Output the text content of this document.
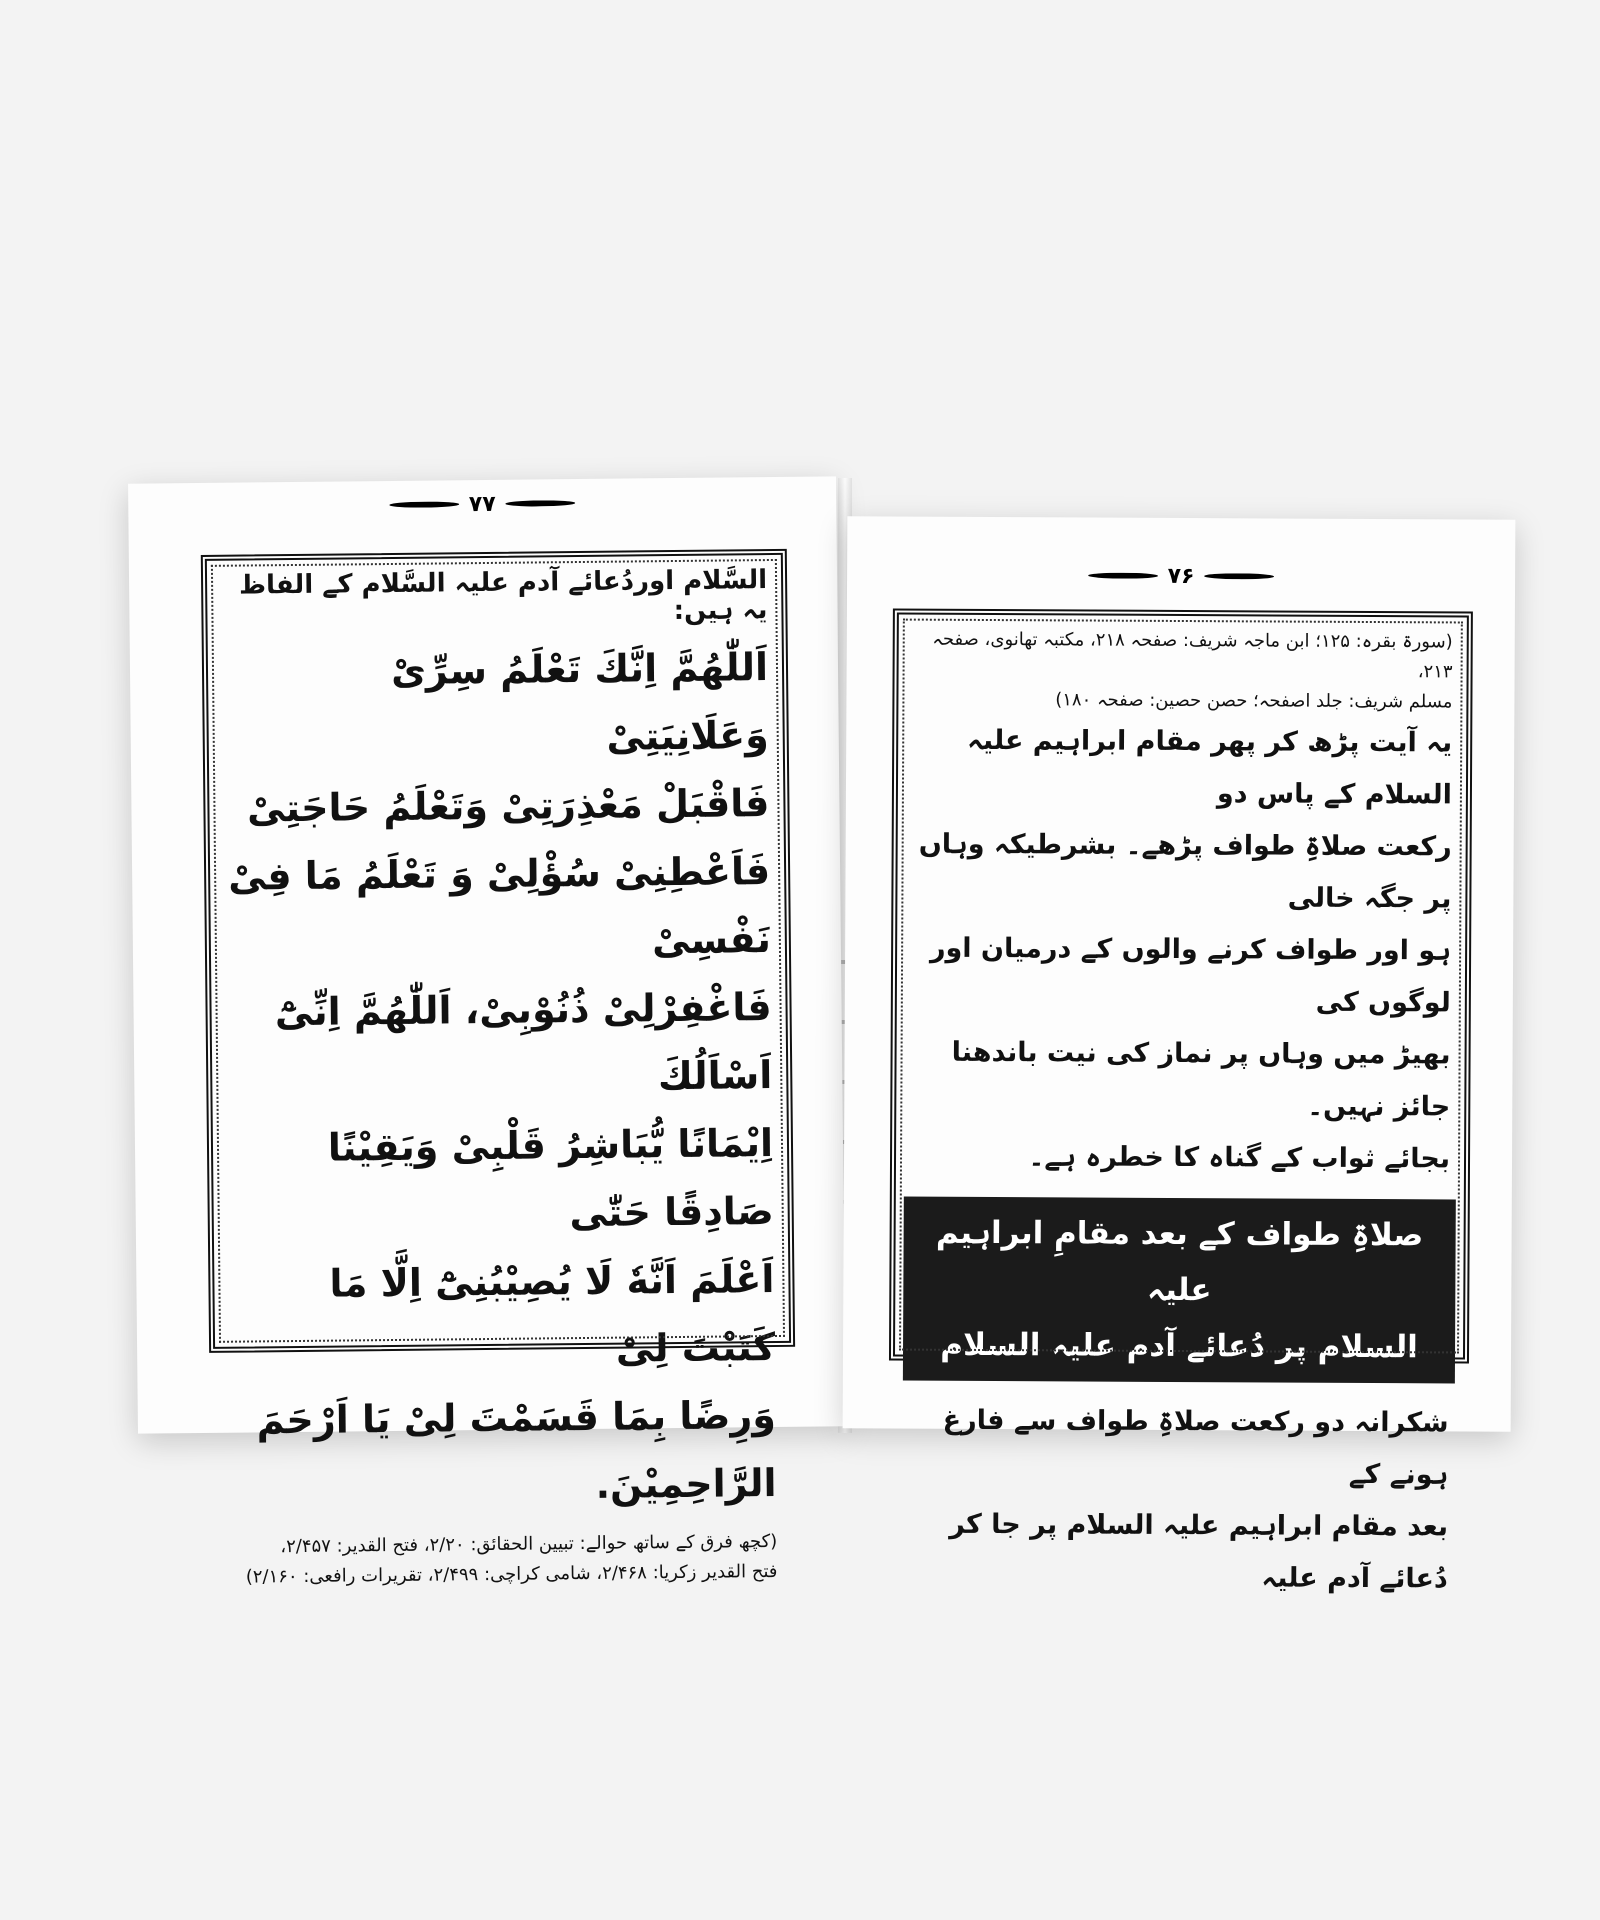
۷۷
السَّلام اوردُعائے آدم علیہ السَّلام کے الفاظ یہ ہیں:

اَللّٰھُمَّ اِنَّكَ تَعْلَمُ سِرِّیْ وَعَلَانِیَتِیْ

فَاقْبَلْ مَعْذِرَتِیْ وَتَعْلَمُ حَاجَتِیْ

فَاَعْطِنِیْ سُؤْلِیْ وَ تَعْلَمُ مَا فِیْ نَفْسِیْ

فَاغْفِرْلِیْ ذُنُوْبِیْ، اَللّٰھُمَّ اِنِّیْٓ اَسْاَلُكَ

اِیْمَانًا یُّبَاشِرُ قَلْبِیْ وَیَقِیْنًا صَادِقًا حَتّٰی

اَعْلَمَ اَنَّهٗ لَا یُصِیْبُنِیْٓ اِلَّا مَا كَتَبْتَ لِیْ

وَرِضًا بِمَا قَسَمْتَ لِیْ یَا اَرْحَمَ الرَّاحِمِیْنَ.

(کچھ فرق کے ساتھ حوالے: تبیین الحقائق: ۲/۲۰، فتح القدیر: ۲/۴۵۷،
فتح القدیر زکریا: ۲/۴۶۸، شامی کراچی: ۲/۴۹۹، تقریرات رافعی: ۲/۱۶۰)
۷۶
(سورۃ بقرہ: ۱۲۵؛ ابن ماجہ شریف: صفحہ ۲۱۸، مکتبہ تھانوی، صفحہ ۲۱۳،
مسلم شریف: جلد اصفحہ؛ حصن حصین: صفحہ ۱۸۰)

یہ آیت پڑھ کر پھر مقام ابراہیم علیہ السلام کے پاس دو

رکعت صلاۃِ طواف پڑھے۔ بشرطیکہ وہاں پر جگہ خالی

ہو اور طواف کرنے والوں کے درمیان اور لوگوں کی

بھیڑ میں وہاں پر نماز کی نیت باندھنا جائز نہیں۔

بجائے ثواب کے گناہ کا خطرہ ہے۔

صلاۃِ طواف کے بعد مقامِ ابراہیم علیہ
السلام پر دُعائے آدم علیہ السلام

شکرانہ دو رکعت صلاۃِ طواف سے فارغ ہونے کے

بعد مقام ابراہیم علیہ السلام پر جا کر دُعائے آدم علیہ
